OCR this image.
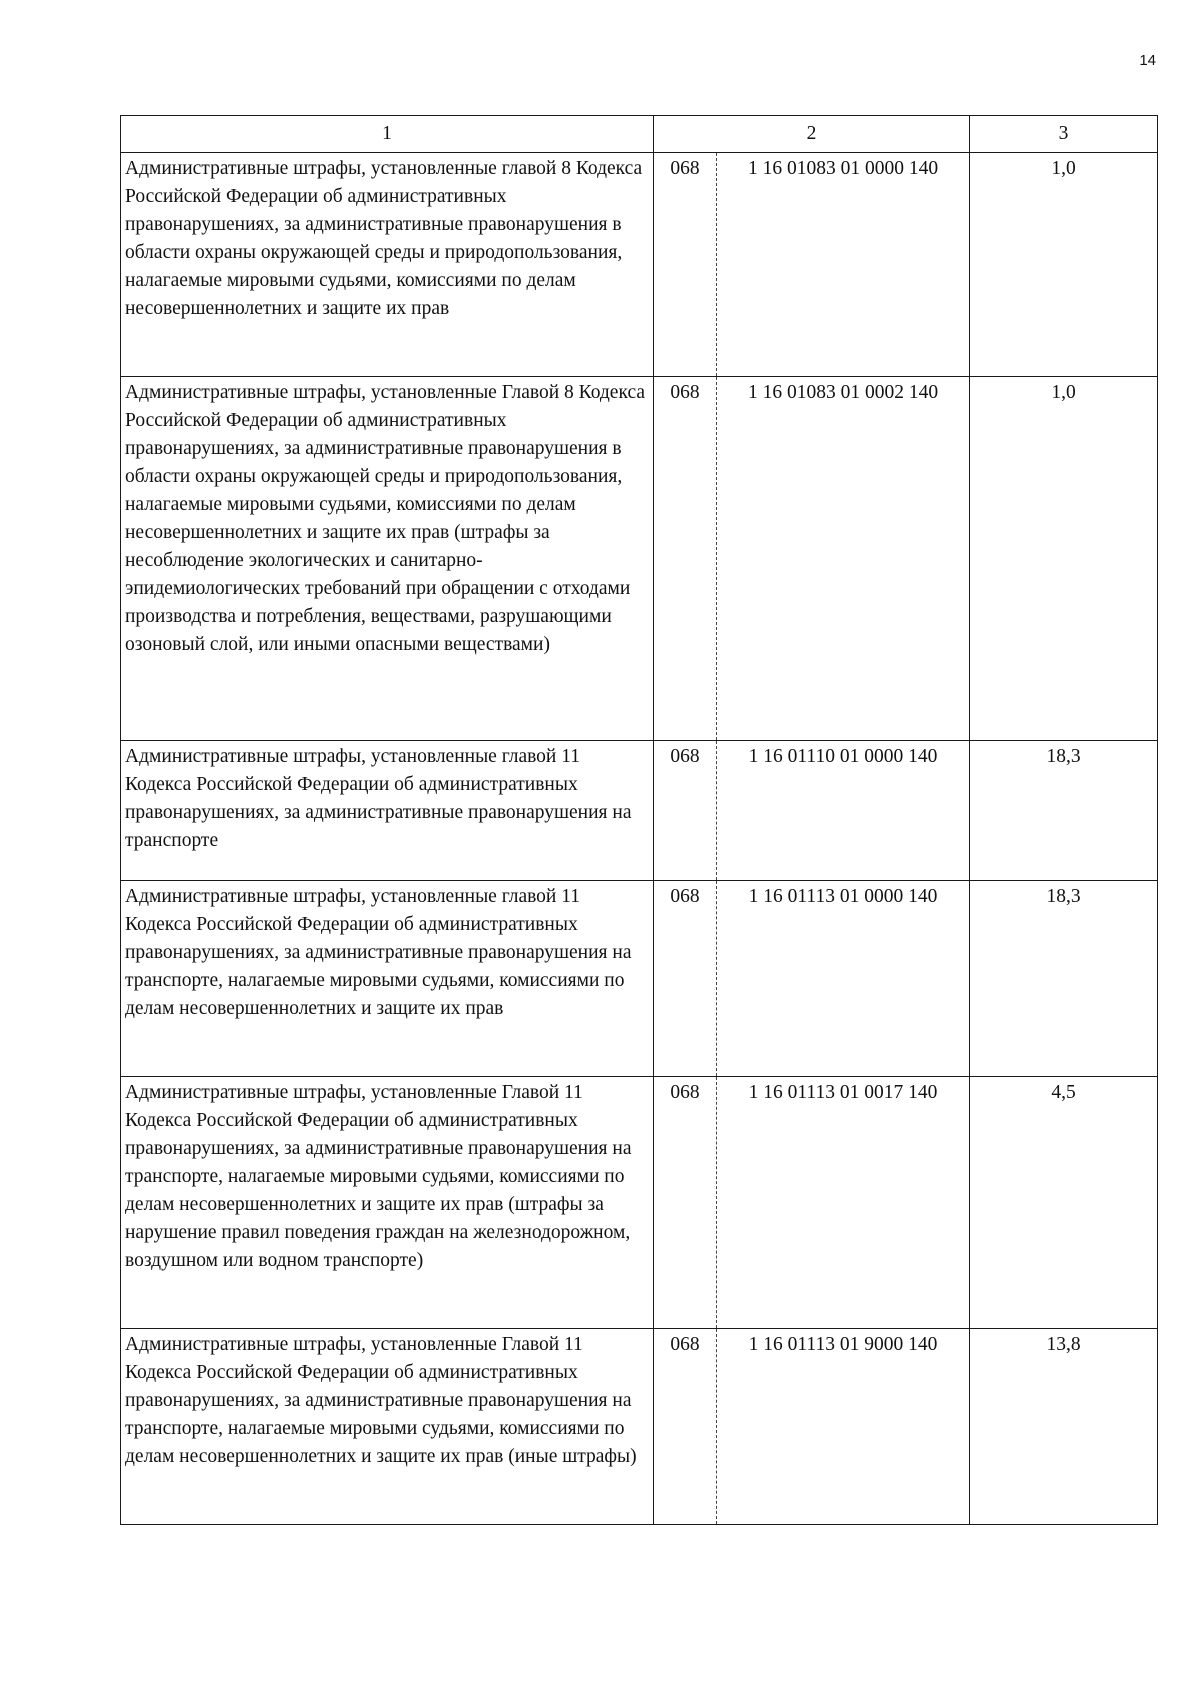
14
1	2		3
Административные штрафы, установленные главой 8 Кодекса Российской Федерации об административных правонарушениях, за административные правонарушения в области охраны окружающей среды и природопользования, налагаемые мировыми судьями, комиссиями по делам несовершеннолетних и защите их прав	068	1 16 01083 01 0000 140	1,0
Административные штрафы, установленные Главой 8 Кодекса Российской Федерации об административных правонарушениях, за административные правонарушения в области охраны окружающей среды и природопользования, налагаемые мировыми судьями, комиссиями по делам несовершеннолетних и защите их прав (штрафы за несоблюдение экологических и санитарно-эпидемиологических требований при обращении с отходами производства и потребления, веществами, разрушающими озоновый слой, или иными опасными веществами)	068	1 16 01083 01 0002 140	1,0
Административные штрафы, установленные главой 11 Кодекса Российской Федерации об административных правонарушениях, за административные правонарушения на транспорте	068	1 16 01110 01 0000 140	18,3
Административные штрафы, установленные главой 11 Кодекса Российской Федерации об административных правонарушениях, за административные правонарушения на транспорте, налагаемые мировыми судьями, комиссиями по делам несовершеннолетних и защите их прав	068	1 16 01113 01 0000 140	18,3
Административные штрафы, установленные Главой 11 Кодекса Российской Федерации об административных правонарушениях, за административные правонарушения на транспорте, налагаемые мировыми судьями, комиссиями по делам несовершеннолетних и защите их прав (штрафы за нарушение правил поведения граждан на железнодорожном, воздушном или водном транспорте)	068	1 16 01113 01 0017 140	4,5
Административные штрафы, установленные Главой 11 Кодекса Российской Федерации об административных правонарушениях, за административные правонарушения на транспорте, налагаемые мировыми судьями, комиссиями по делам несовершеннолетних и защите их прав (иные штрафы)	068	1 16 01113 01 9000 140	13,8
